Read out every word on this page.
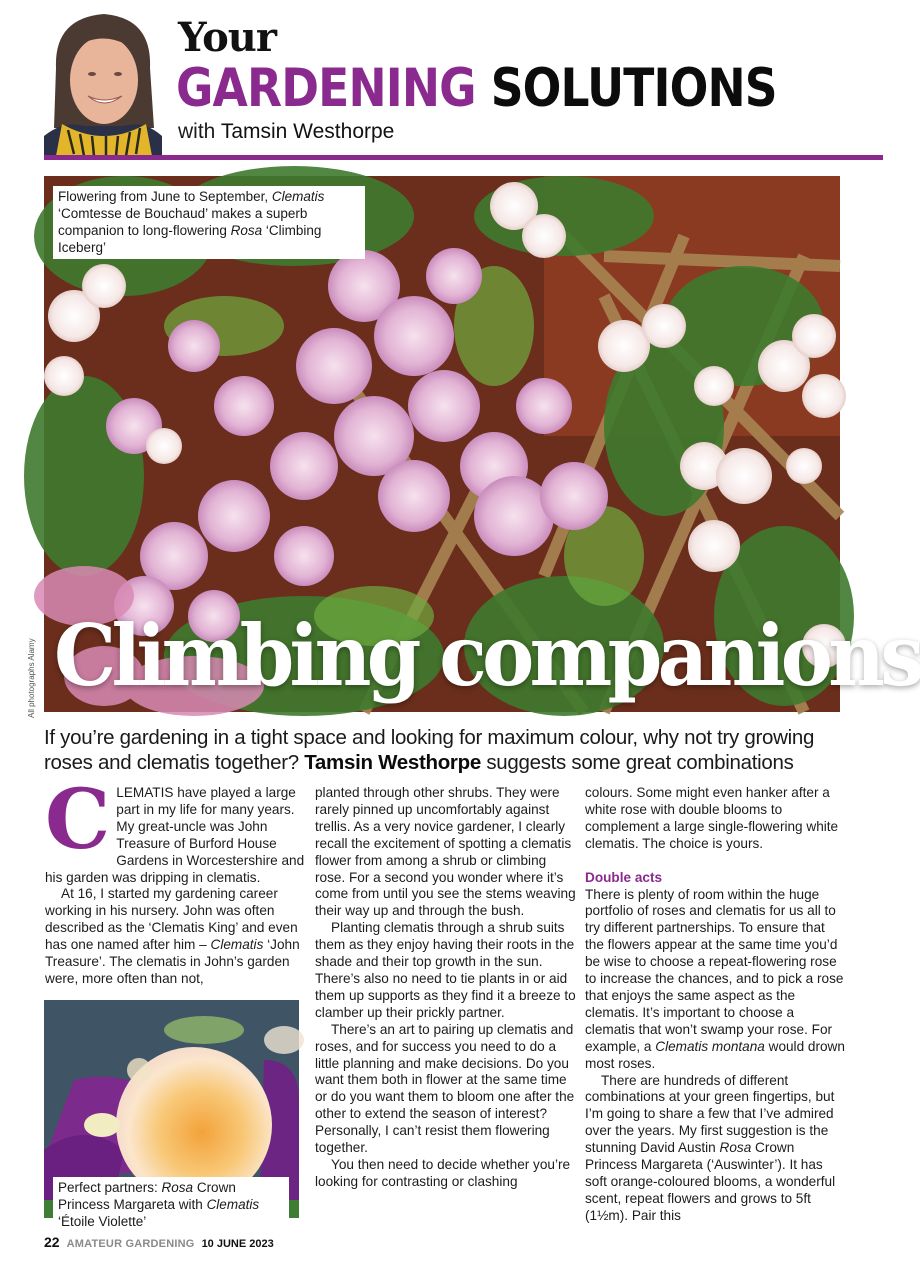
Your
GARDENING SOLUTIONS
with Tamsin Westhorpe
Flowering from June to September, Clematis ‘Comtesse de Bouchaud’ makes a superb companion to long-flowering Rosa ‘Climbing Iceberg’
Climbing companions
All photographs Alamy
If you’re gardening in a tight space and looking for maximum colour, why not try growing roses and clematis together? Tamsin Westhorpe suggests some great combinations

CLEMATIS have played a large part in my life for many years. My great-uncle was John Treasure of Burford House Gardens in Worcestershire and his garden was dripping in clematis.

At 16, I started my gardening career working in his nursery. John was often described as the ‘Clematis King’ and even has one named after him – Clematis ‘John Treasure’. The clematis in John’s garden were, more often than not,

Perfect partners: Rosa Crown Princess Margareta with Clematis ‘Étoile Violette’

planted through other shrubs. They were rarely pinned up uncomfortably against trellis. As a very novice gardener, I clearly recall the excitement of spotting a clematis flower from among a shrub or climbing rose. For a second you wonder where it’s come from until you see the stems weaving their way up and through the bush.

Planting clematis through a shrub suits them as they enjoy having their roots in the shade and their top growth in the sun. There’s also no need to tie plants in or aid them up supports as they find it a breeze to clamber up their prickly partner.

There’s an art to pairing up clematis and roses, and for success you need to do a little planning and make decisions. Do you want them both in flower at the same time or do you want them to bloom one after the other to extend the season of interest? Personally, I can’t resist them flowering together.

You then need to decide whether you’re looking for contrasting or clashing

colours. Some might even hanker after a white rose with double blooms to complement a large single-flowering white clematis. The choice is yours.

Double acts

There is plenty of room within the huge portfolio of roses and clematis for us all to try different partnerships. To ensure that the flowers appear at the same time you’d be wise to choose a repeat-flowering rose to increase the chances, and to pick a rose that enjoys the same aspect as the clematis. It’s important to choose a clematis that won’t swamp your rose. For example, a Clematis montana would drown most roses.

There are hundreds of different combinations at your green fingertips, but I’m going to share a few that I’ve admired over the years. My first suggestion is the stunning David Austin Rosa Crown Princess Margareta (‘Auswinter’). It has soft orange-coloured blooms, a wonderful scent, repeat flowers and grows to 5ft (1½m). Pair this

22 AMATEUR GARDENING 10 JUNE 2023
